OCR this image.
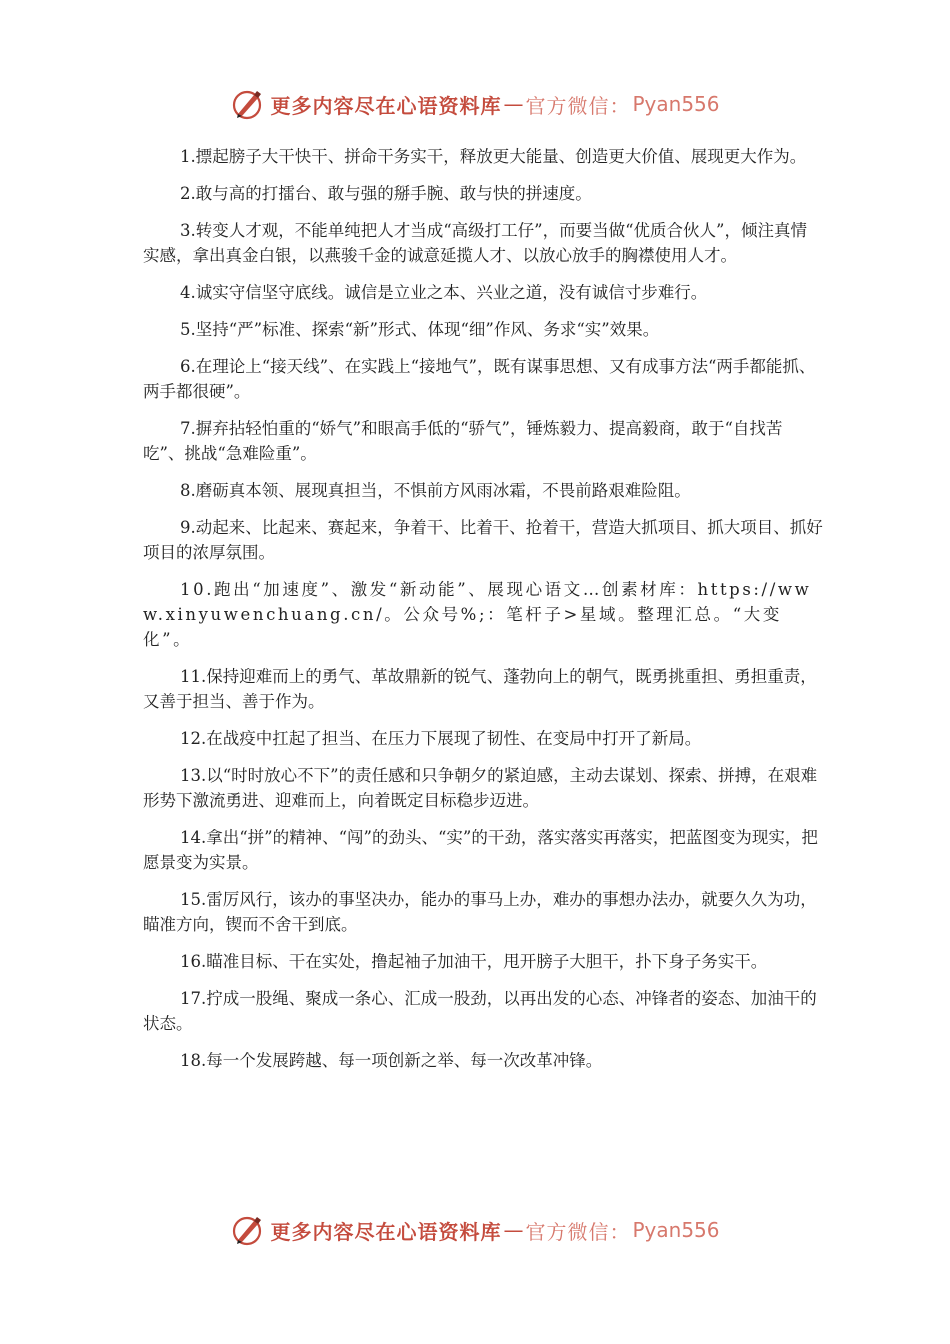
更多内容尽在心语资料库 — 官方微信： Pyan556

1.摽起膀子大干快干、拼命干务实干，释放更大能量、创造更大价值、展现更大作为。

2.敢与高的打擂台、敢与强的掰手腕、敢与快的拼速度。

3.转变人才观，不能单纯把人才当成“高级打工仔”，而要当做“优质合伙人”，倾注真情实感，拿出真金白银，以燕骏千金的诚意延揽人才、以放心放手的胸襟使用人才。

4.诚实守信坚守底线。诚信是立业之本、兴业之道，没有诚信寸步难行。

5.坚持“严”标准、探索“新”形式、体现“细”作风、务求“实”效果。

6.在理论上“接天线”、在实践上“接地气”，既有谋事思想、又有成事方法“两手都能抓、两手都很硬”。

7.摒弃拈轻怕重的“娇气”和眼高手低的“骄气”，锤炼毅力、提高毅商，敢于“自找苦吃”、挑战“急难险重”。

8.磨砺真本领、展现真担当，不惧前方风雨冰霜，不畏前路艰难险阻。

9.动起来、比起来、赛起来，争着干、比着干、抢着干，营造大抓项目、抓大项目、抓好项目的浓厚氛围。

10.跑出“加速度”、激发“新动能”、展现心语文…创素材库：https://www.xinyuwenchuang.cn/。公众号%;：笔杆子>星域。整理汇总。“大变化”。

11.保持迎难而上的勇气、革故鼎新的锐气、蓬勃向上的朝气，既勇挑重担、勇担重责，又善于担当、善于作为。

12.在战疫中扛起了担当、在压力下展现了韧性、在变局中打开了新局。

13.以“时时放心不下”的责任感和只争朝夕的紧迫感，主动去谋划、探索、拼搏，在艰难形势下激流勇进、迎难而上，向着既定目标稳步迈进。

14.拿出“拼”的精神、“闯”的劲头、“实”的干劲，落实落实再落实，把蓝图变为现实，把愿景变为实景。

15.雷厉风行，该办的事坚决办，能办的事马上办，难办的事想办法办，就要久久为功，瞄准方向，锲而不舍干到底。

16.瞄准目标、干在实处，撸起袖子加油干，甩开膀子大胆干，扑下身子务实干。

17.拧成一股绳、聚成一条心、汇成一股劲，以再出发的心态、冲锋者的姿态、加油干的状态。

18.每一个发展跨越、每一项创新之举、每一次改革冲锋。

更多内容尽在心语资料库 — 官方微信： Pyan556
